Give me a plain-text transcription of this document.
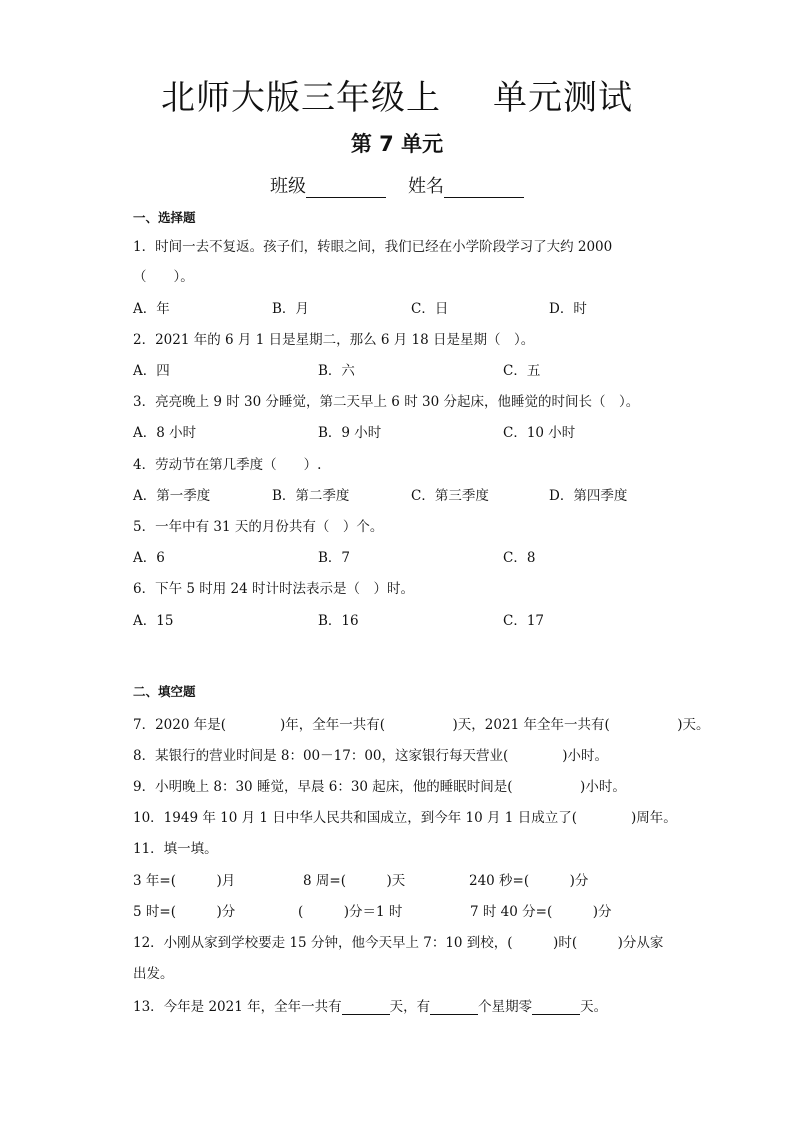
北师大版三年级上 单元测试
第 7 单元
班级	姓名
一、选择题
1．时间一去不复返。孩子们，转眼之间，我们已经在小学阶段学习了大约 2000
（　　）。
A．年	B．月	C．日	D．时
2．2021 年的 6 月 1 日是星期二，那么 6 月 18 日是星期（　）。
A．四	B．六	C．五
3．亮亮晚上 9 时 30 分睡觉，第二天早上 6 时 30 分起床，他睡觉的时间长（　）。
A．8 小时	B．9 小时	C．10 小时
4．劳动节在第几季度（　　）.
A．第一季度	B．第二季度	C．第三季度	D．第四季度
5．一年中有 31 天的月份共有（　）个。
A．6	B．7	C．8
6．下午 5 时用 24 时计时法表示是（　）时。
A．15	B．16	C．17
二、填空题
7．2020 年是(　　　　)年，全年一共有(　　　　　)天，2021 年全年一共有(　　　　　)天。
8．某银行的营业时间是 8：00－17：00，这家银行每天营业(　　　　)小时。
9．小明晚上 8：30 睡觉，早晨 6：30 起床，他的睡眠时间是(　　　　　)小时。
10．1949 年 10 月 1 日中华人民共和国成立，到今年 10 月 1 日成立了(　　　　)周年。
11．填一填。
3 年=(　　　)月	8 周=(　　　)天	240 秒=(　　　)分
5 时=(　　　)分	(　　　)分＝1 时	7 时 40 分=(　　　)分
12．小刚从家到学校要走 15 分钟，他今天早上 7：10 到校，(　　　)时(　　　)分从家
出发。
13．今年是 2021 年，全年一共有	天，有	个星期零	天。
